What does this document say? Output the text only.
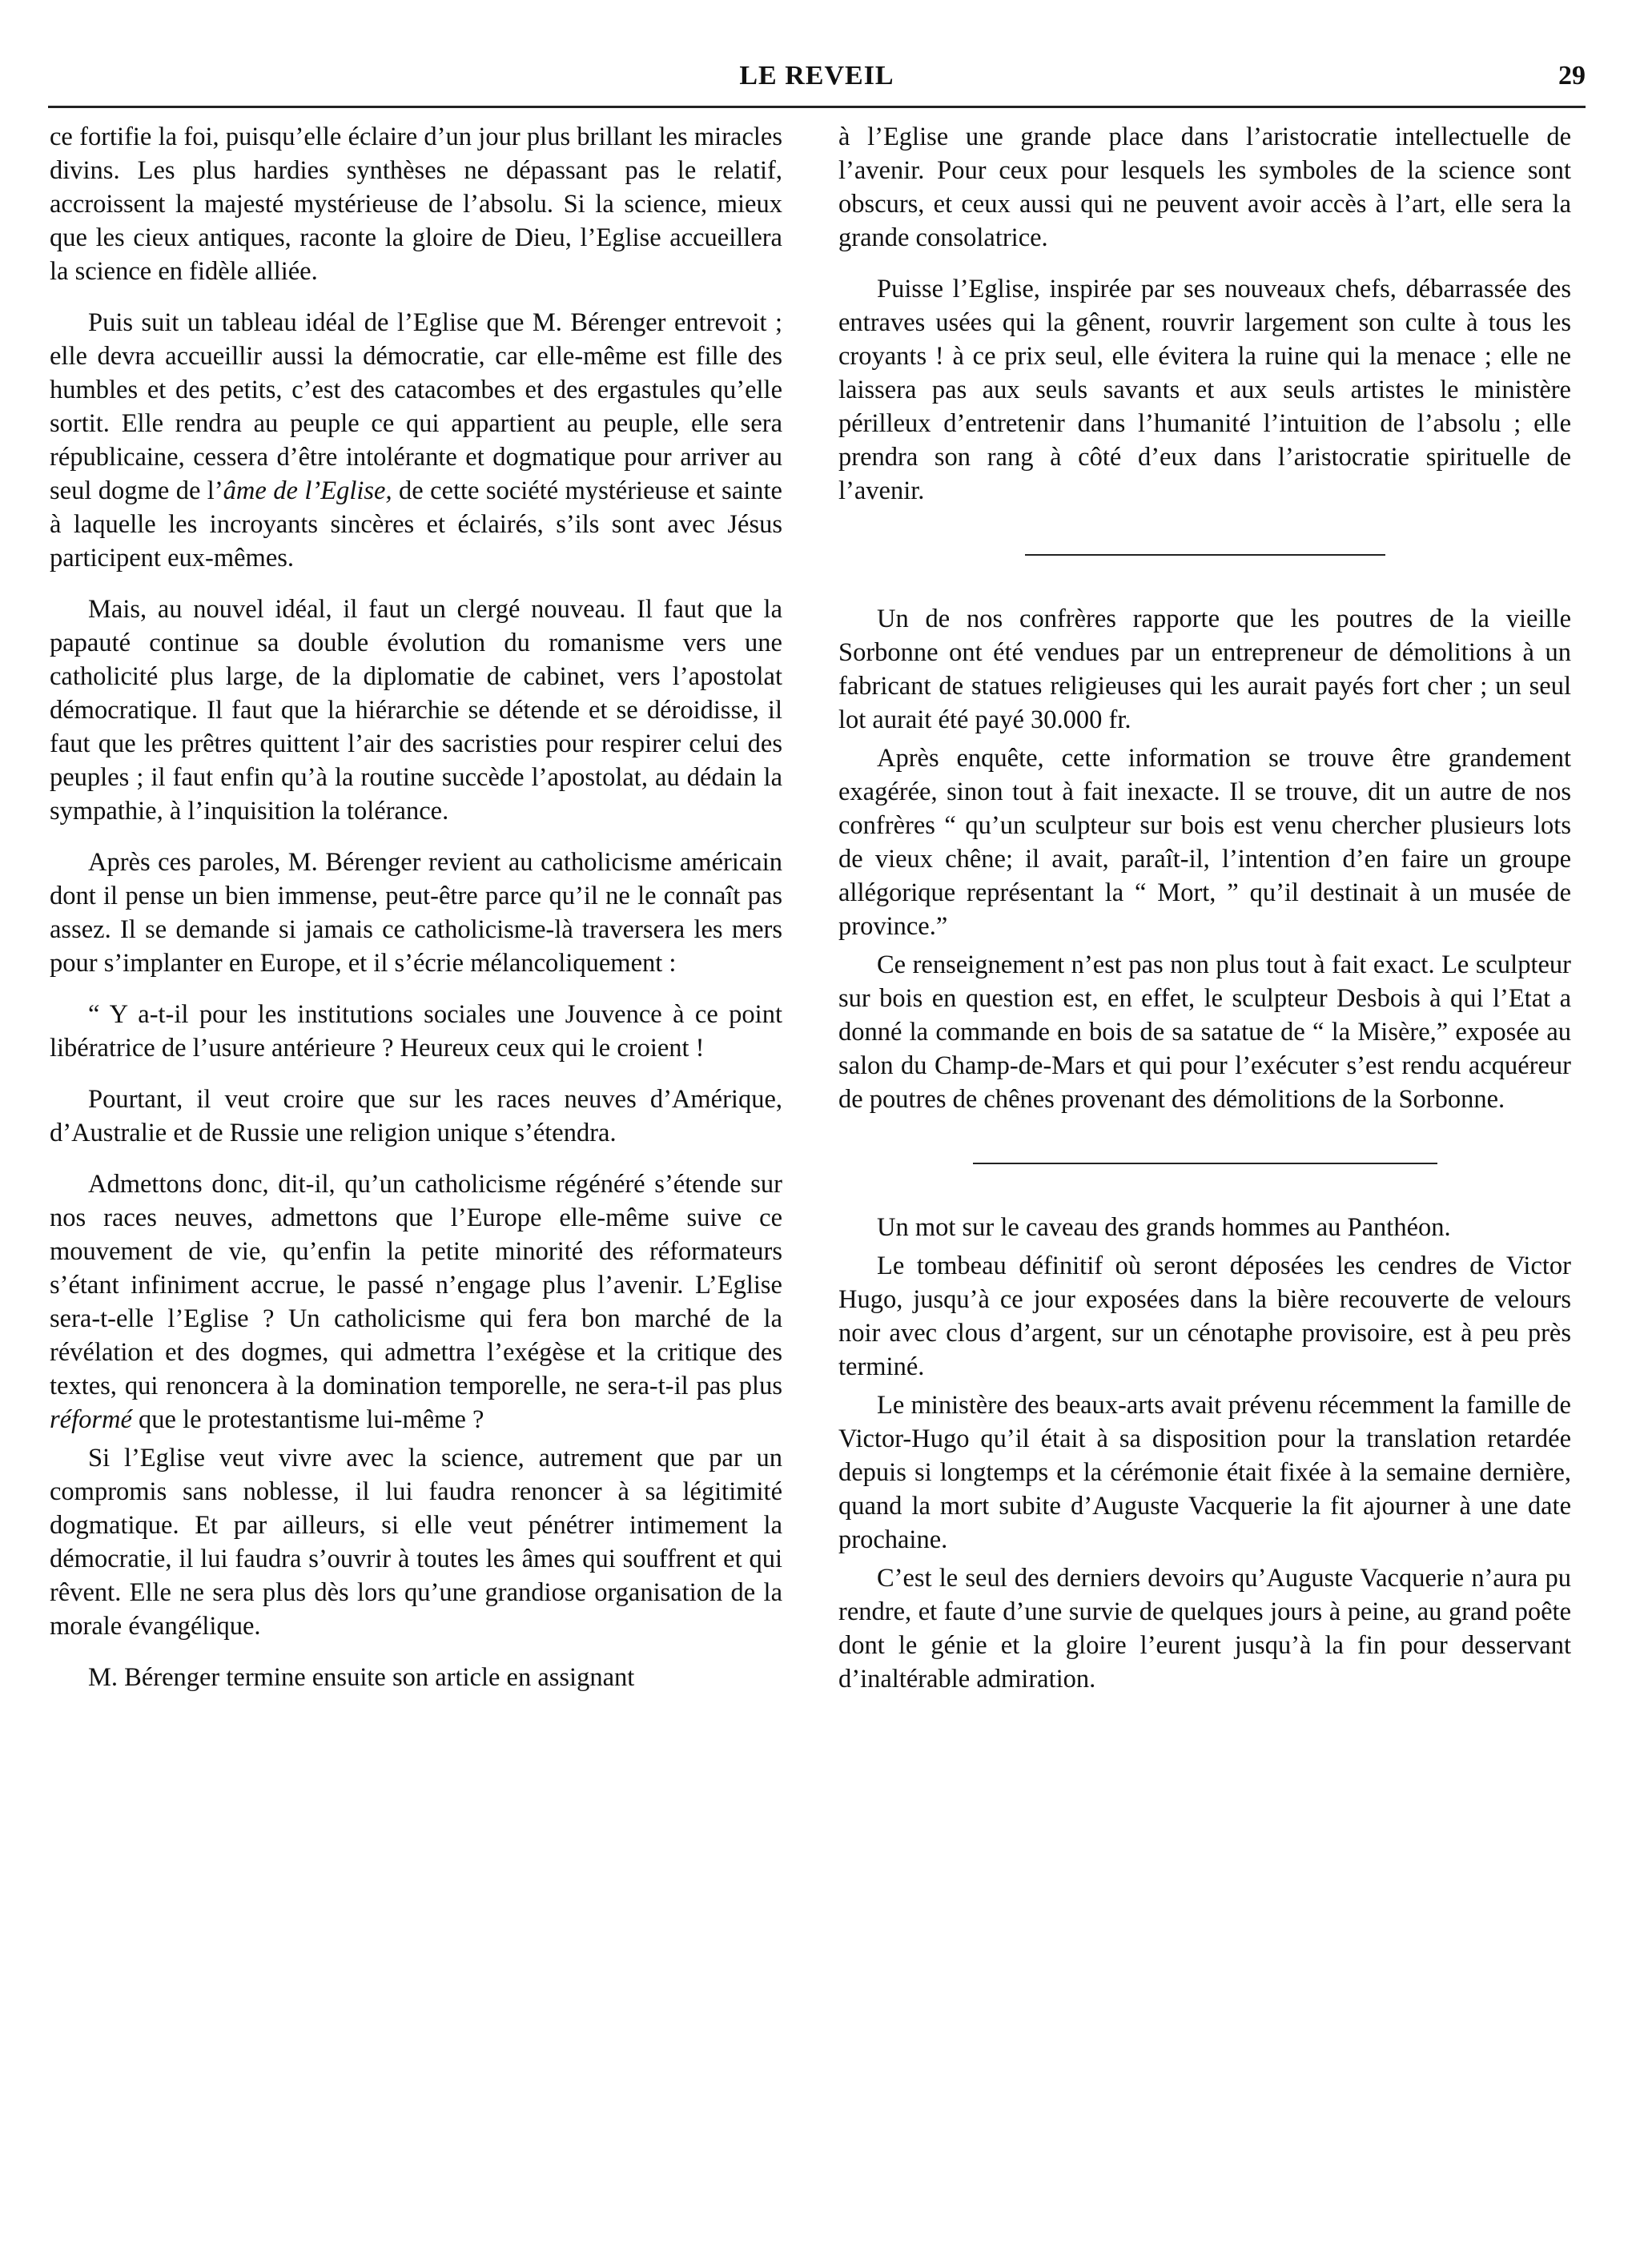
LE REVEIL	29

ce fortifie la foi, puisqu’elle éclaire d’un jour plus brillant les miracles divins. Les plus hardies synthèses ne dépassant pas le relatif, accroissent la majesté mystérieuse de l’absolu. Si la science, mieux que les cieux antiques, raconte la gloire de Dieu, l’Eglise accueillera la science en fidèle alliée.

Puis suit un tableau idéal de l’Eglise que M. Bérenger entrevoit ; elle devra accueillir aussi la démocratie, car elle-même est fille des humbles et des petits, c’est des catacombes et des ergastules qu’elle sortit. Elle rendra au peuple ce qui appartient au peuple, elle sera républicaine, cessera d’être intolérante et dogmatique pour arriver au seul dogme de l’âme de l’Eglise, de cette société mystérieuse et sainte à laquelle les incroyants sincères et éclairés, s’ils sont avec Jésus participent eux-mêmes.

Mais, au nouvel idéal, il faut un clergé nouveau. Il faut que la papauté continue sa double évolution du romanisme vers une catholicité plus large, de la diplomatie de cabinet, vers l’apostolat démocratique. Il faut que la hiérarchie se détende et se déroidisse, il faut que les prêtres quittent l’air des sacristies pour respirer celui des peuples ; il faut enfin qu’à la routine succède l’apostolat, au dédain la sympathie, à l’inquisition la tolérance.

Après ces paroles, M. Bérenger revient au catholicisme américain dont il pense un bien immense, peut-être parce qu’il ne le connaît pas assez. Il se demande si jamais ce catholicisme-là traversera les mers pour s’implanter en Europe, et il s’écrie mélancoliquement :

“ Y a-t-il pour les institutions sociales une Jouvence à ce point libératrice de l’usure antérieure ? Heureux ceux qui le croient !

Pourtant, il veut croire que sur les races neuves d’Amérique, d’Australie et de Russie une religion unique s’étendra.

Admettons donc, dit-il, qu’un catholicisme régénéré s’étende sur nos races neuves, admettons que l’Europe elle-même suive ce mouvement de vie, qu’enfin la petite minorité des réformateurs s’étant infiniment accrue, le passé n’engage plus l’avenir. L’Eglise sera-t-elle l’Eglise ? Un catholicisme qui fera bon marché de la révélation et des dogmes, qui admettra l’exégèse et la critique des textes, qui renoncera à la domination temporelle, ne sera-t-il pas plus réformé que le protestantisme lui-même ?

Si l’Eglise veut vivre avec la science, autrement que par un compromis sans noblesse, il lui faudra renoncer à sa légitimité dogmatique. Et par ailleurs, si elle veut pénétrer intimement la démocratie, il lui faudra s’ouvrir à toutes les âmes qui souffrent et qui rêvent. Elle ne sera plus dès lors qu’une grandiose organisation de la morale évangélique.

M. Bérenger termine ensuite son article en assignant

à l’Eglise une grande place dans l’aristocratie intellectuelle de l’avenir. Pour ceux pour lesquels les symboles de la science sont obscurs, et ceux aussi qui ne peuvent avoir accès à l’art, elle sera la grande consolatrice.

Puisse l’Eglise, inspirée par ses nouveaux chefs, débarrassée des entraves usées qui la gênent, rouvrir largement son culte à tous les croyants ! à ce prix seul, elle évitera la ruine qui la menace ; elle ne laissera pas aux seuls savants et aux seuls artistes le ministère périlleux d’entretenir dans l’humanité l’intuition de l’absolu ; elle prendra son rang à côté d’eux dans l’aristocratie spirituelle de l’avenir.

Un de nos confrères rapporte que les poutres de la vieille Sorbonne ont été vendues par un entrepreneur de démolitions à un fabricant de statues religieuses qui les aurait payés fort cher ; un seul lot aurait été payé 30.000 fr.

Après enquête, cette information se trouve être grandement exagérée, sinon tout à fait inexacte. Il se trouve, dit un autre de nos confrères “ qu’un sculpteur sur bois est venu chercher plusieurs lots de vieux chêne; il avait, paraît-il, l’intention d’en faire un groupe allégorique représentant la “ Mort, ” qu’il destinait à un musée de province.”

Ce renseignement n’est pas non plus tout à fait exact. Le sculpteur sur bois en question est, en effet, le sculpteur Desbois à qui l’Etat a donné la commande en bois de sa satatue de “ la Misère,” exposée au salon du Champ-de-Mars et qui pour l’exécuter s’est rendu acquéreur de poutres de chênes provenant des démolitions de la Sorbonne.

Un mot sur le caveau des grands hommes au Panthéon.

Le tombeau définitif où seront déposées les cendres de Victor Hugo, jusqu’à ce jour exposées dans la bière recouverte de velours noir avec clous d’argent, sur un cénotaphe provisoire, est à peu près terminé.

Le ministère des beaux-arts avait prévenu récemment la famille de Victor-Hugo qu’il était à sa disposition pour la translation retardée depuis si longtemps et la cérémonie était fixée à la semaine dernière, quand la mort subite d’Auguste Vacquerie la fit ajourner à une date prochaine.

C’est le seul des derniers devoirs qu’Auguste Vacquerie n’aura pu rendre, et faute d’une survie de quelques jours à peine, au grand poête dont le génie et la gloire l’eurent jusqu’à la fin pour desservant d’inaltérable admiration.
